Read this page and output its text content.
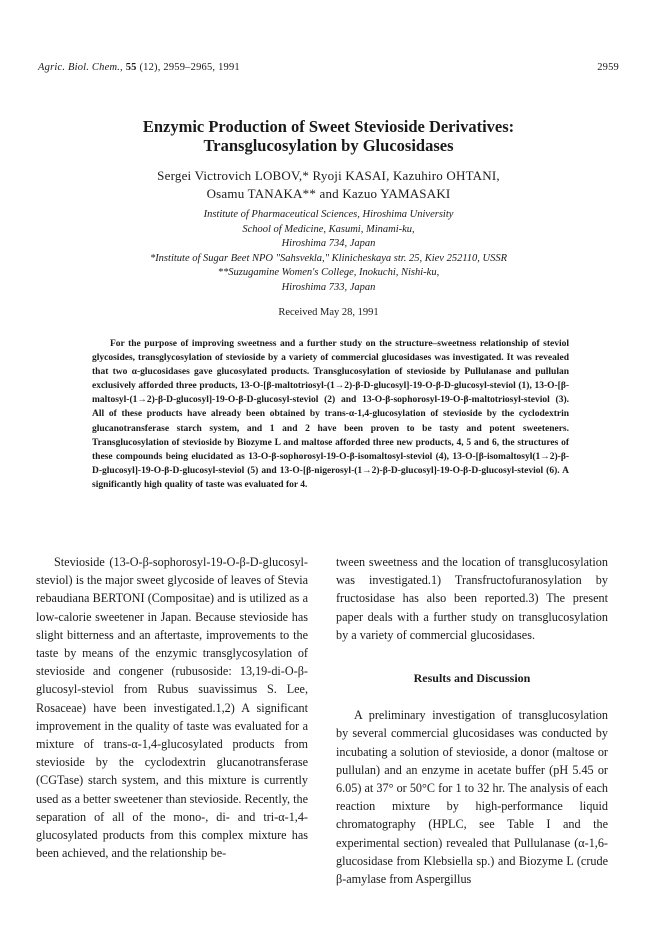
Agric. Biol. Chem., 55 (12), 2959–2965, 1991	2959
Enzymic Production of Sweet Stevioside Derivatives:
Transglucosylation by Glucosidases
Sergei Victrovich LOBOV,* Ryoji KASAI, Kazuhiro OHTANI,
Osamu TANAKA** and Kazuo YAMASAKI
Institute of Pharmaceutical Sciences, Hiroshima University
School of Medicine, Kasumi, Minami-ku,
Hiroshima 734, Japan
*Institute of Sugar Beet NPO "Sahsvekla," Klinicheskaya str. 25, Kiev 252110, USSR
**Suzugamine Women's College, Inokuchi, Nishi-ku,
Hiroshima 733, Japan
Received May 28, 1991

For the purpose of improving sweetness and a further study on the structure–sweetness relationship of steviol glycosides, transglycosylation of stevioside by a variety of commercial glucosidases was investigated. It was revealed that two α-glucosidases gave glucosylated products. Transglucosylation of stevioside by Pullulanase and pullulan exclusively afforded three products, 13-O-[β-maltotriosyl-(1→2)-β-D-glucosyl]-19-O-β-D-glucosyl-steviol (1), 13-O-[β-maltosyl-(1→2)-β-D-glucosyl]-19-O-β-D-glucosyl-steviol (2) and 13-O-β-sophorosyl-19-O-β-maltotriosyl-steviol (3). All of these products have already been obtained by trans-α-1,4-glucosylation of stevioside by the cyclodextrin glucanotransferase starch system, and 1 and 2 have been proven to be tasty and potent sweeteners. Transglucosylation of stevioside by Biozyme L and maltose afforded three new products, 4, 5 and 6, the structures of these compounds being elucidated as 13-O-β-sophorosyl-19-O-β-isomaltosyl-steviol (4), 13-O-[β-isomaltosyl(1→2)-β-D-glucosyl]-19-O-β-D-glucosyl-steviol (5) and 13-O-[β-nigerosyl-(1→2)-β-D-glucosyl]-19-O-β-D-glucosyl-steviol (6). A significantly high quality of taste was evaluated for 4.

Stevioside (13-O-β-sophorosyl-19-O-β-D-glucosyl-steviol) is the major sweet glycoside of leaves of Stevia rebaudiana BERTONI (Compositae) and is utilized as a low-calorie sweetener in Japan. Because stevioside has slight bitterness and an aftertaste, improvements to the taste by means of the enzymic transglycosylation of stevioside and congener (rubusoside: 13,19-di-O-β-glucosyl-steviol from Rubus suavissimus S. Lee, Rosaceae) have been investigated.1,2) A significant improvement in the quality of taste was evaluated for a mixture of trans-α-1,4-glucosylated products from stevioside by the cyclodextrin glucanotransferase (CGTase) starch system, and this mixture is currently used as a better sweetener than stevioside. Recently, the separation of all of the mono-, di- and tri-α-1,4-glucosylated products from this complex mixture has been achieved, and the relationship be-

tween sweetness and the location of transglucosylation was investigated.1) Transfructofuranosylation by fructosidase has also been reported.3) The present paper deals with a further study on transglucosylation by a variety of commercial glucosidases.

Results and Discussion

A preliminary investigation of transglucosylation by several commercial glucosidases was conducted by incubating a solution of stevioside, a donor (maltose or pullulan) and an enzyme in acetate buffer (pH 5.45 or 6.05) at 37° or 50°C for 1 to 32 hr. The analysis of each reaction mixture by high-performance liquid chromatography (HPLC, see Table I and the experimental section) revealed that Pullulanase (α-1,6-glucosidase from Klebsiella sp.) and Biozyme L (crude β-amylase from Aspergillus
